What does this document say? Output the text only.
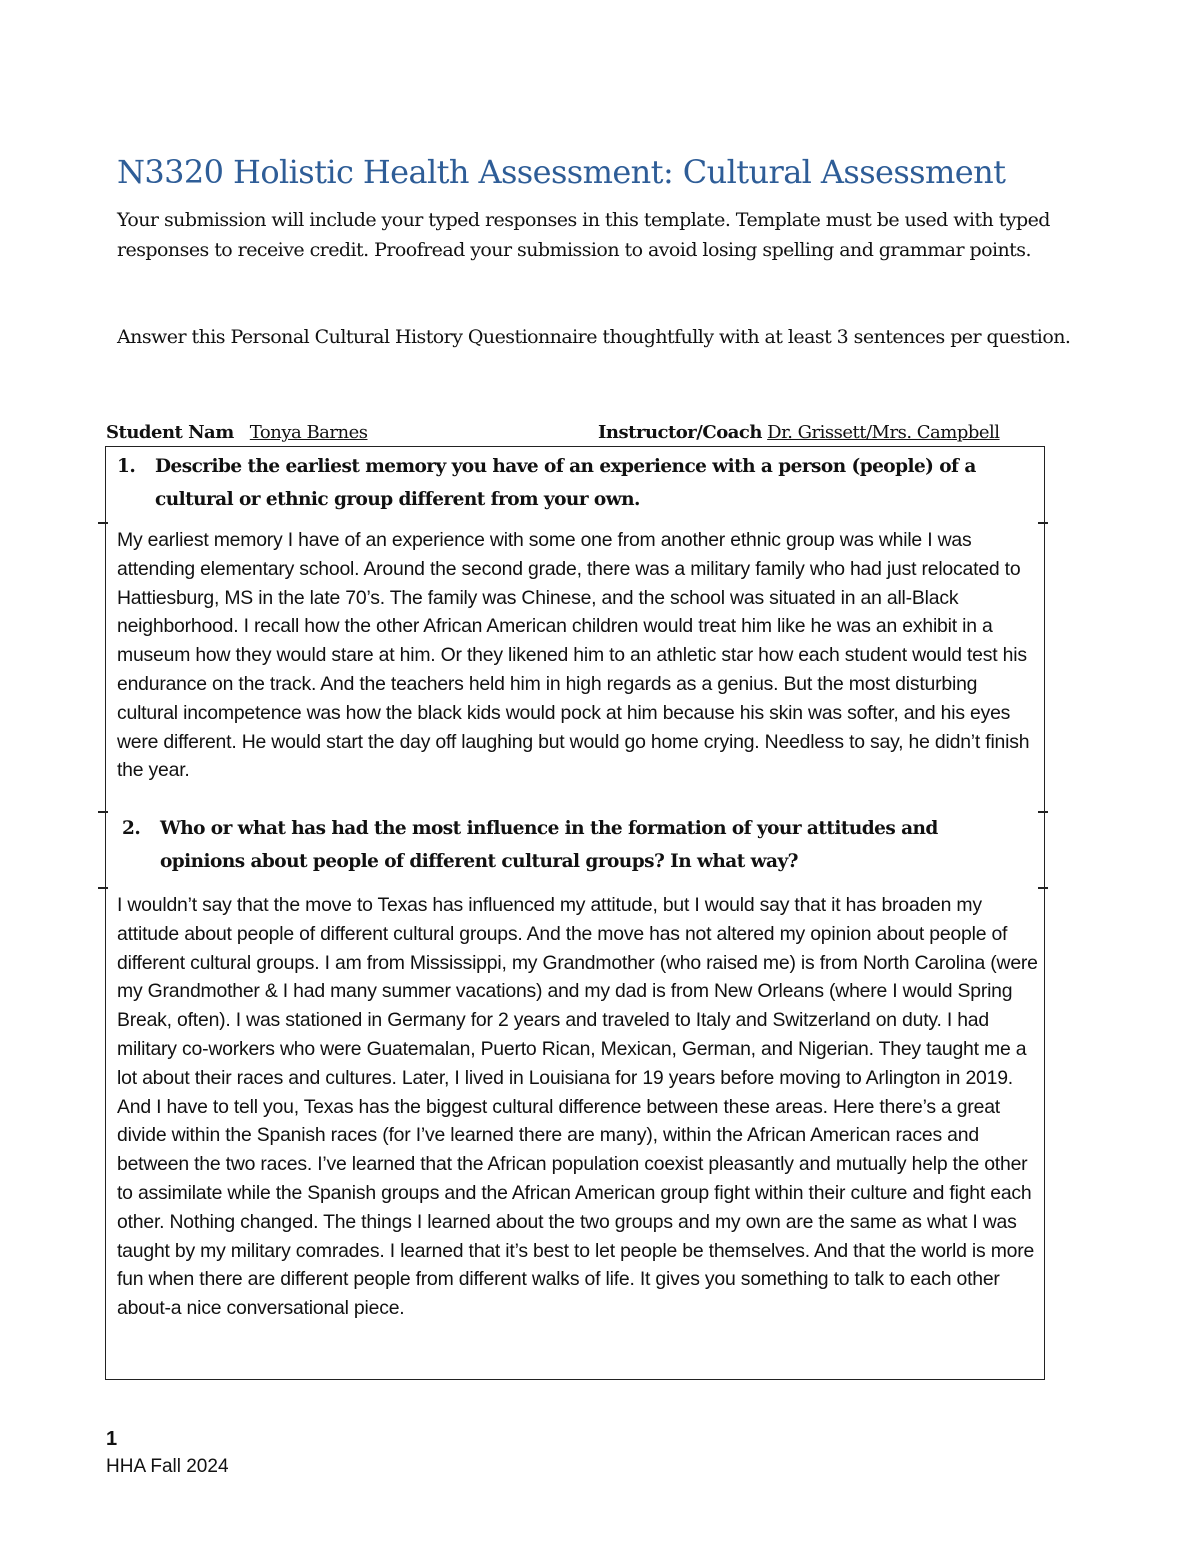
N3320 Holistic Health Assessment: Cultural Assessment
Your submission will include your typed responses in this template. Template must be used with typed responses to receive credit. Proofread your submission to avoid losing spelling and grammar points.
Answer this Personal Cultural History Questionnaire thoughtfully with at least 3 sentences per question.
Student Nam Tonya Barnes	Instructor/Coach Dr. Grissett/Mrs. Campbell
1. Describe the earliest memory you have of an experience with a person (people) of a cultural or ethnic group different from your own.
My earliest memory I have of an experience with some one from another ethnic group was while I was attending elementary school. Around the second grade, there was a military family who had just relocated to Hattiesburg, MS in the late 70’s. The family was Chinese, and the school was situated in an all-Black neighborhood. I recall how the other African American children would treat him like he was an exhibit in a museum how they would stare at him. Or they likened him to an athletic star how each student would test his endurance on the track. And the teachers held him in high regards as a genius. But the most disturbing cultural incompetence was how the black kids would pock at him because his skin was softer, and his eyes were different. He would start the day off laughing but would go home crying. Needless to say, he didn’t finish the year.
2. Who or what has had the most influence in the formation of your attitudes and opinions about people of different cultural groups? In what way?
I wouldn’t say that the move to Texas has influenced my attitude, but I would say that it has broaden my attitude about people of different cultural groups. And the move has not altered my opinion about people of different cultural groups. I am from Mississippi, my Grandmother (who raised me) is from North Carolina (were my Grandmother & I had many summer vacations) and my dad is from New Orleans (where I would Spring Break, often). I was stationed in Germany for 2 years and traveled to Italy and Switzerland on duty. I had military co-workers who were Guatemalan, Puerto Rican, Mexican, German, and Nigerian. They taught me a lot about their races and cultures. Later, I lived in Louisiana for 19 years before moving to Arlington in 2019. And I have to tell you, Texas has the biggest cultural difference between these areas. Here there’s a great divide within the Spanish races (for I’ve learned there are many), within the African American races and between the two races. I’ve learned that the African population coexist pleasantly and mutually help the other to assimilate while the Spanish groups and the African American group fight within their culture and fight each other. Nothing changed. The things I learned about the two groups and my own are the same as what I was taught by my military comrades. I learned that it’s best to let people be themselves. And that the world is more fun when there are different people from different walks of life. It gives you something to talk to each other about-a nice conversational piece.
1
HHA Fall 2024
